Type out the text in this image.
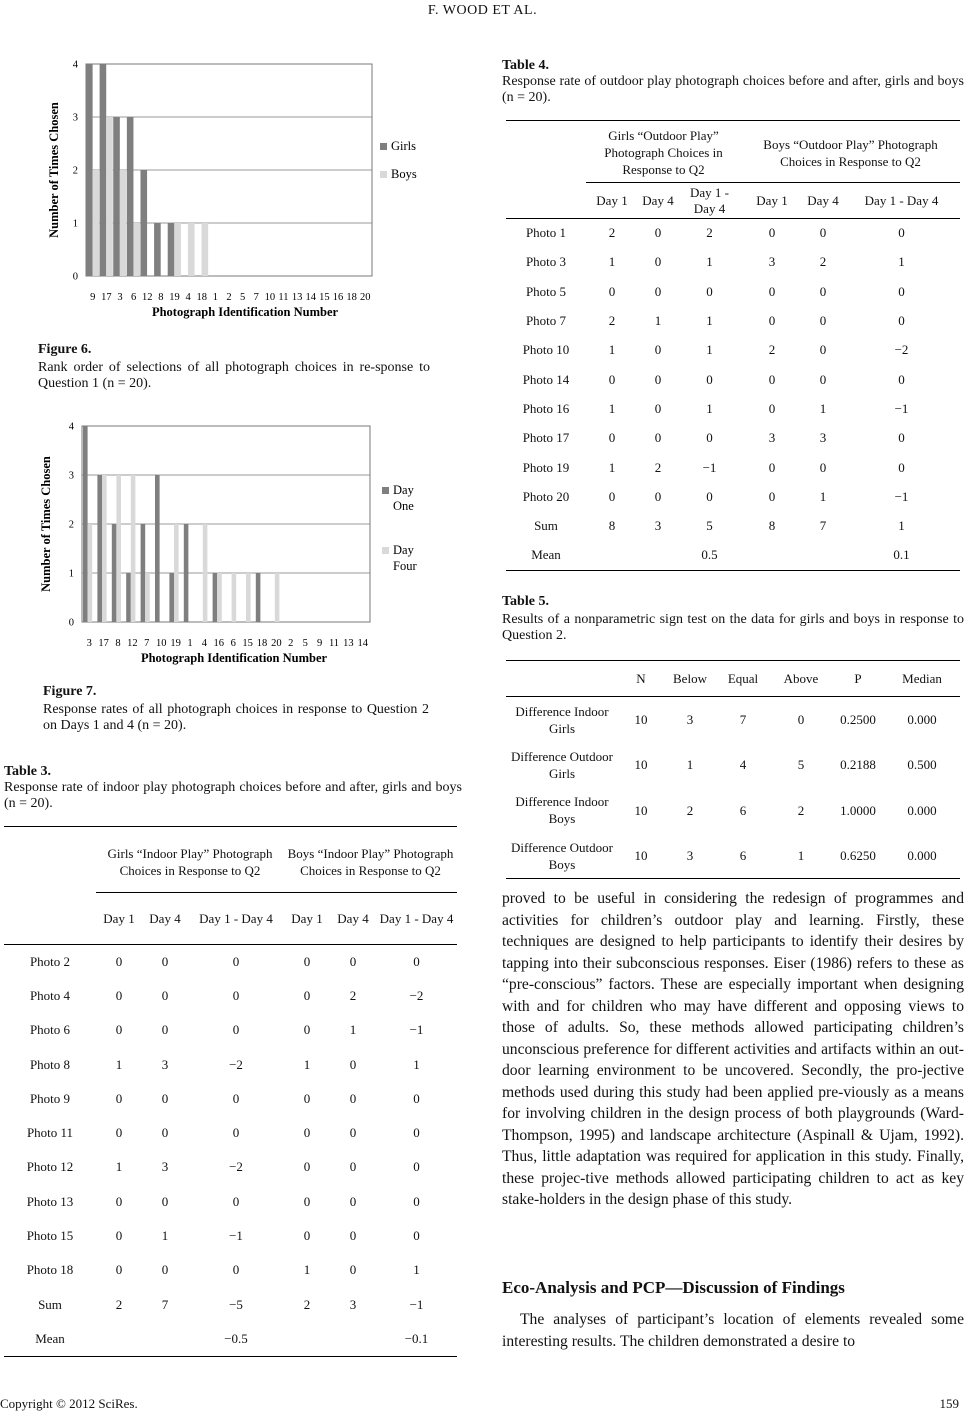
F. WOOD ET AL.
0
1
2
3
4
9 17 3 6 12 8 19 4 18 1 2 5 7 10 11 13 14 15 16 18 20
Photograph Identification Number
Number of Times Chosen	Girls
Boys
Figure 6.
Rank order of selections of all photograph choices in re-sponse to Question 1 (n = 20).
0
1
2
3
4
3 17 8 12 7 10 19 1 4 16 6 15 18 20 2 5 9 11 13 14
Photograph Identification Number
Number of Times Chosen	Day
One
Day
Four
Figure 7.
Response rates of all photograph choices in response to Question 2 on Days 1 and 4 (n = 20).
Table 3.
Response rate of indoor play photograph choices before and after, girls and boys (n = 20).
	Girls “Indoor Play” Photograph Choices in Response to Q2			Boys “Indoor Play” Photograph Choices in Response to Q2		
	Day 1	Day 4	Day 1 - Day 4	Day 1	Day 4	Day 1 - Day 4
Photo 2	0	0	0	0	0	0
Photo 4	0	0	0	0	2	−2
Photo 6	0	0	0	0	1	−1
Photo 8	1	3	−2	1	0	1
Photo 9	0	0	0	0	0	0
Photo 11	0	0	0	0	0	0
Photo 12	1	3	−2	0	0	0
Photo 13	0	0	0	0	0	0
Photo 15	0	1	−1	0	0	0
Photo 18	0	0	0	1	0	1
Sum	2	7	−5	2	3	−1
Mean			−0.5			−0.1
Table 4.
Response rate of outdoor play photograph choices before and after, girls and boys (n = 20).
	Girls “Outdoor Play” Photograph Choices in Response to Q2			Boys “Outdoor Play” Photograph Choices in Response to Q2		
	Day 1	Day 4	Day 1 - Day 4	Day 1	Day 4	Day 1 - Day 4
Photo 1	2	0	2	0	0	0
Photo 3	1	0	1	3	2	1
Photo 5	0	0	0	0	0	0
Photo 7	2	1	1	0	0	0
Photo 10	1	0	1	2	0	−2
Photo 14	0	0	0	0	0	0
Photo 16	1	0	1	0	1	−1
Photo 17	0	0	0	3	3	0
Photo 19	1	2	−1	0	0	0
Photo 20	0	0	0	0	1	−1
Sum	8	3	5	8	7	1
Mean			0.5			0.1
Table 5.
Results of a nonparametric sign test on the data for girls and boys in response to Question 2.
	N	Below	Equal	Above	P	Median
Difference Indoor Girls	10	3	7	0	0.2500	0.000
Difference Outdoor Girls	10	1	4	5	0.2188	0.500
Difference Indoor Boys	10	2	6	2	1.0000	0.000
Difference Outdoor Boys	10	3	6	1	0.6250	0.000
proved to be useful in considering the redesign of programmes and activities for children’s outdoor play and learning. Firstly, these techniques are designed to help participants to identify their desires by tapping into their subconscious responses. Eiser (1986) refers to these as “pre-conscious” factors. These are especially important when designing with and for children who may have different and opposing views to those of adults. So, these methods allowed participating children’s unconscious preference for different activities and artifacts within an out-door learning environment to be uncovered. Secondly, the pro-jective methods used during this study had been applied pre-viously as a means for involving children in the design process of both playgrounds (Ward-Thompson, 1995) and landscape architecture (Aspinall & Ujam, 1992). Thus, little adaptation was required for application in this study. Finally, these projec-tive methods allowed participating children to act as key stake-holders in the design phase of this study.
Eco-Analysis and PCP—Discussion of Findings
The analyses of participant’s location of elements revealed some interesting results. The children demonstrated a desire to
Copyright © 2012 SciRes.	159
